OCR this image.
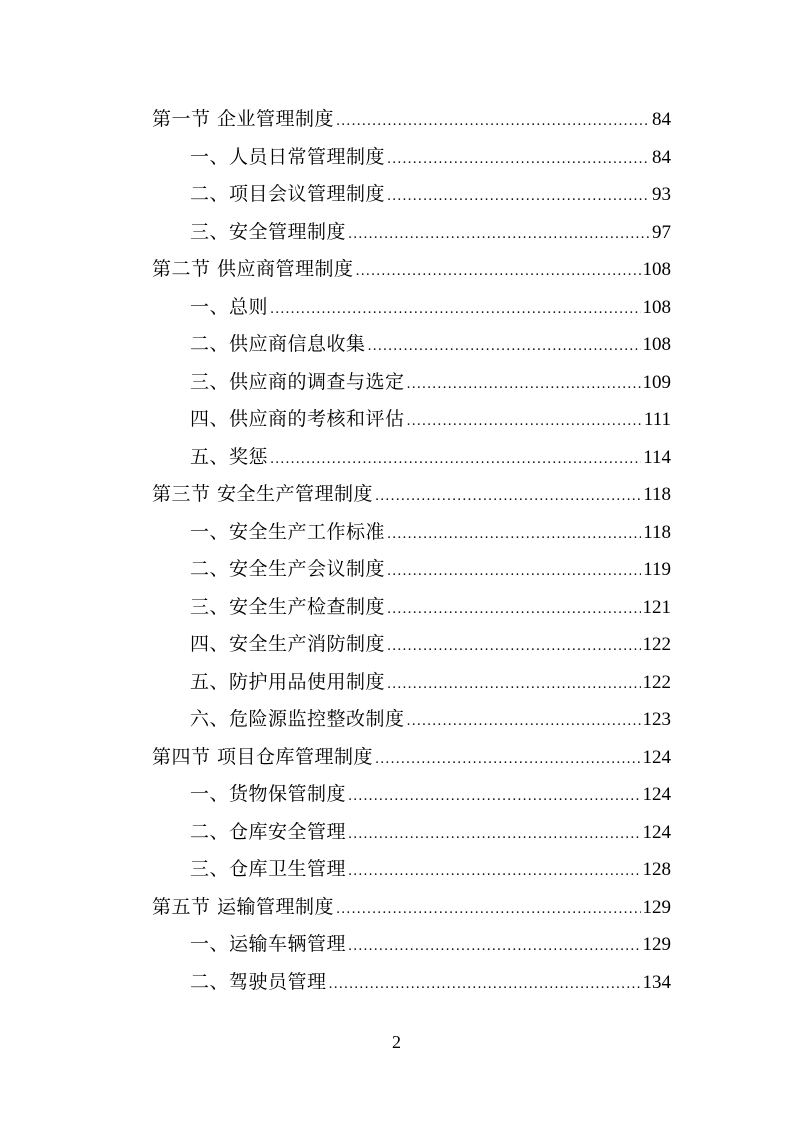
第一节 企业管理制度 .....	84
一、人员日常管理制度 .....	84
二、项目会议管理制度 .....	93
三、安全管理制度 .....	97
第二节 供应商管理制度 .....	108
一、总则 .....	108
二、供应商信息收集 .....	108
三、供应商的调查与选定 .....	109
四、供应商的考核和评估 .....	111
五、奖惩 .....	114
第三节 安全生产管理制度 .....	118
一、安全生产工作标准 .....	118
二、安全生产会议制度 .....	119
三、安全生产检查制度 .....	121
四、安全生产消防制度 .....	122
五、防护用品使用制度 .....	122
六、危险源监控整改制度 .....	123
第四节 项目仓库管理制度 .....	124
一、货物保管制度 .....	124
二、仓库安全管理 .....	124
三、仓库卫生管理 .....	128
第五节 运输管理制度 .....	129
一、运输车辆管理 .....	129
二、驾驶员管理 .....	134
2
